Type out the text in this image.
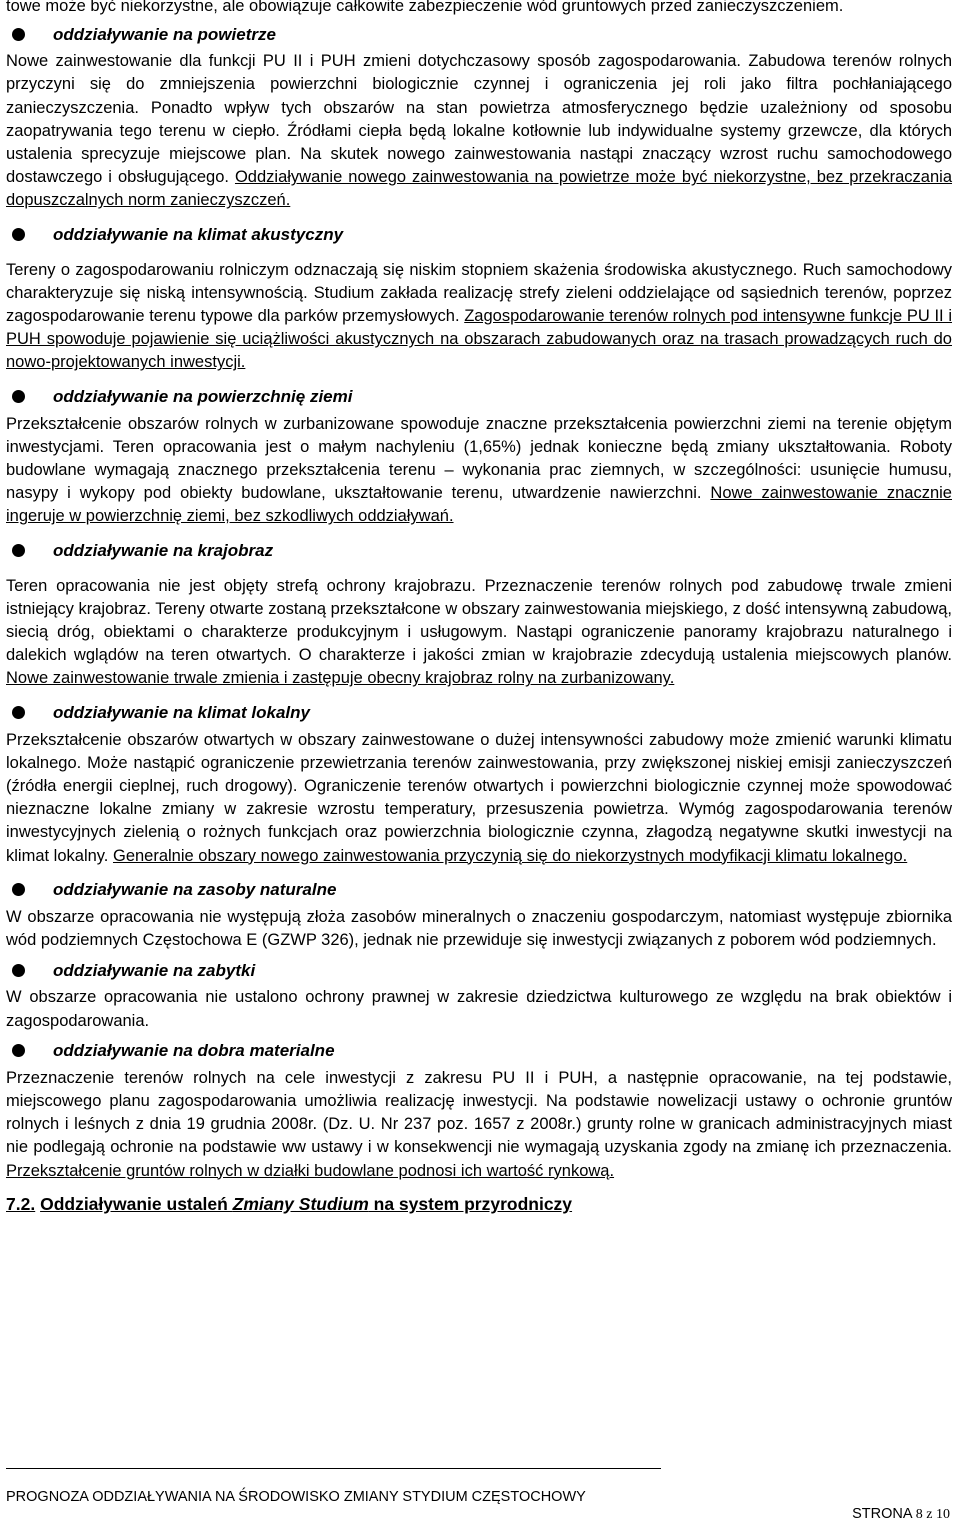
towe może być niekorzystne, ale obowiązuje całkowite zabezpieczenie wód gruntowych przed zanieczyszczeniem.

oddziaływanie na powietrze

Nowe zainwestowanie dla funkcji PU II i PUH zmieni dotychczasowy sposób zagospodarowania. Zabudowa terenów rolnych przyczyni się do zmniejszenia powierzchni biologicznie czynnej i ograniczenia jej roli jako filtra pochłaniającego zanieczyszczenia. Ponadto wpływ tych obszarów na stan powietrza atmosferycznego będzie uzależniony od sposobu zaopatrywania tego terenu w ciepło. Źródłami ciepła będą lokalne kotłownie lub indywidualne systemy grzewcze, dla których ustalenia sprecyzuje miejscowe plan. Na skutek nowego zainwestowania nastąpi znaczący wzrost ruchu samochodowego dostawczego i obsługującego. Oddziaływanie nowego zainwestowania na powietrze może być niekorzystne, bez przekraczania dopuszczalnych norm zanieczyszczeń.

oddziaływanie na klimat akustyczny

Tereny o zagospodarowaniu rolniczym odznaczają się niskim stopniem skażenia środowiska akustycznego. Ruch samochodowy charakteryzuje się niską intensywnością. Studium zakłada realizację strefy zieleni oddzielające od sąsiednich terenów, poprzez zagospodarowanie terenu typowe dla parków przemysłowych. Zagospodarowanie terenów rolnych pod intensywne funkcje PU II i PUH spowoduje pojawienie się uciążliwości akustycznych na obszarach zabudowanych oraz na trasach prowadzących ruch do nowo-projektowanych inwestycji.

oddziaływanie na powierzchnię ziemi

Przekształcenie obszarów rolnych w zurbanizowane spowoduje znaczne przekształcenia powierzchni ziemi na terenie objętym inwestycjami. Teren opracowania jest o małym nachyleniu (1,65%) jednak konieczne będą zmiany ukształtowania. Roboty budowlane wymagają znacznego przekształcenia terenu – wykonania prac ziemnych, w szczególności: usunięcie humusu, nasypy i wykopy pod obiekty budowlane, ukształtowanie terenu, utwardzenie nawierzchni. Nowe zainwestowanie znacznie ingeruje w powierzchnię ziemi, bez szkodliwych oddziaływań.

oddziaływanie na krajobraz

Teren opracowania nie jest objęty strefą ochrony krajobrazu. Przeznaczenie terenów rolnych pod zabudowę trwale zmieni istniejący krajobraz. Tereny otwarte zostaną przekształcone w obszary zainwestowania miejskiego, z dość intensywną zabudową, siecią dróg, obiektami o charakterze produkcyjnym i usługowym. Nastąpi ograniczenie panoramy krajobrazu naturalnego i dalekich wglądów na teren otwartych. O charakterze i jakości zmian w krajobrazie zdecydują ustalenia miejscowych planów. Nowe zainwestowanie trwale zmienia i zastępuje obecny krajobraz rolny na zurbanizowany.

oddziaływanie na klimat lokalny

Przekształcenie obszarów otwartych w obszary zainwestowane o dużej intensywności zabudowy może zmienić warunki klimatu lokalnego. Może nastąpić ograniczenie przewietrzania terenów zainwestowania, przy zwiększonej niskiej emisji zanieczyszczeń (źródła energii cieplnej, ruch drogowy). Ograniczenie terenów otwartych i powierzchni biologicznie czynnej może spowodować nieznaczne lokalne zmiany w zakresie wzrostu temperatury, przesuszenia powietrza. Wymóg zagospodarowania terenów inwestycyjnych zielenią o rożnych funkcjach oraz powierzchnia biologicznie czynna, złagodzą negatywne skutki inwestycji na klimat lokalny. Generalnie obszary nowego zainwestowania przyczynią się do niekorzystnych modyfikacji klimatu lokalnego.

oddziaływanie na zasoby naturalne

W obszarze opracowania nie występują złoża zasobów mineralnych o znaczeniu gospodarczym, natomiast występuje zbiornika wód podziemnych Częstochowa E (GZWP 326), jednak nie przewiduje się inwestycji związanych z poborem wód podziemnych.

oddziaływanie na zabytki

W obszarze opracowania nie ustalono ochrony prawnej w zakresie dziedzictwa kulturowego ze względu na brak obiektów i zagospodarowania.

oddziaływanie na dobra materialne

Przeznaczenie terenów rolnych na cele inwestycji z zakresu PU II i PUH, a następnie opracowanie, na tej podstawie, miejscowego planu zagospodarowania umożliwia realizację inwestycji. Na podstawie nowelizacji ustawy o ochronie gruntów rolnych i leśnych z dnia 19 grudnia 2008r. (Dz. U. Nr 237 poz. 1657 z 2008r.) grunty rolne w granicach administracyjnych miast nie podlegają ochronie na podstawie ww ustawy i w konsekwencji nie wymagają uzyskania zgody na zmianę ich przeznaczenia. Przekształcenie gruntów rolnych w działki budowlane podnosi ich wartość rynkową.

7.2. Oddziaływanie ustaleń Zmiany Studium na system przyrodniczy
PROGNOZA ODDZIAŁYWANIA NA ŚRODOWISKO ZMIANY STYDIUM CZĘSTOCHOWY
STRONA 8 z 10
